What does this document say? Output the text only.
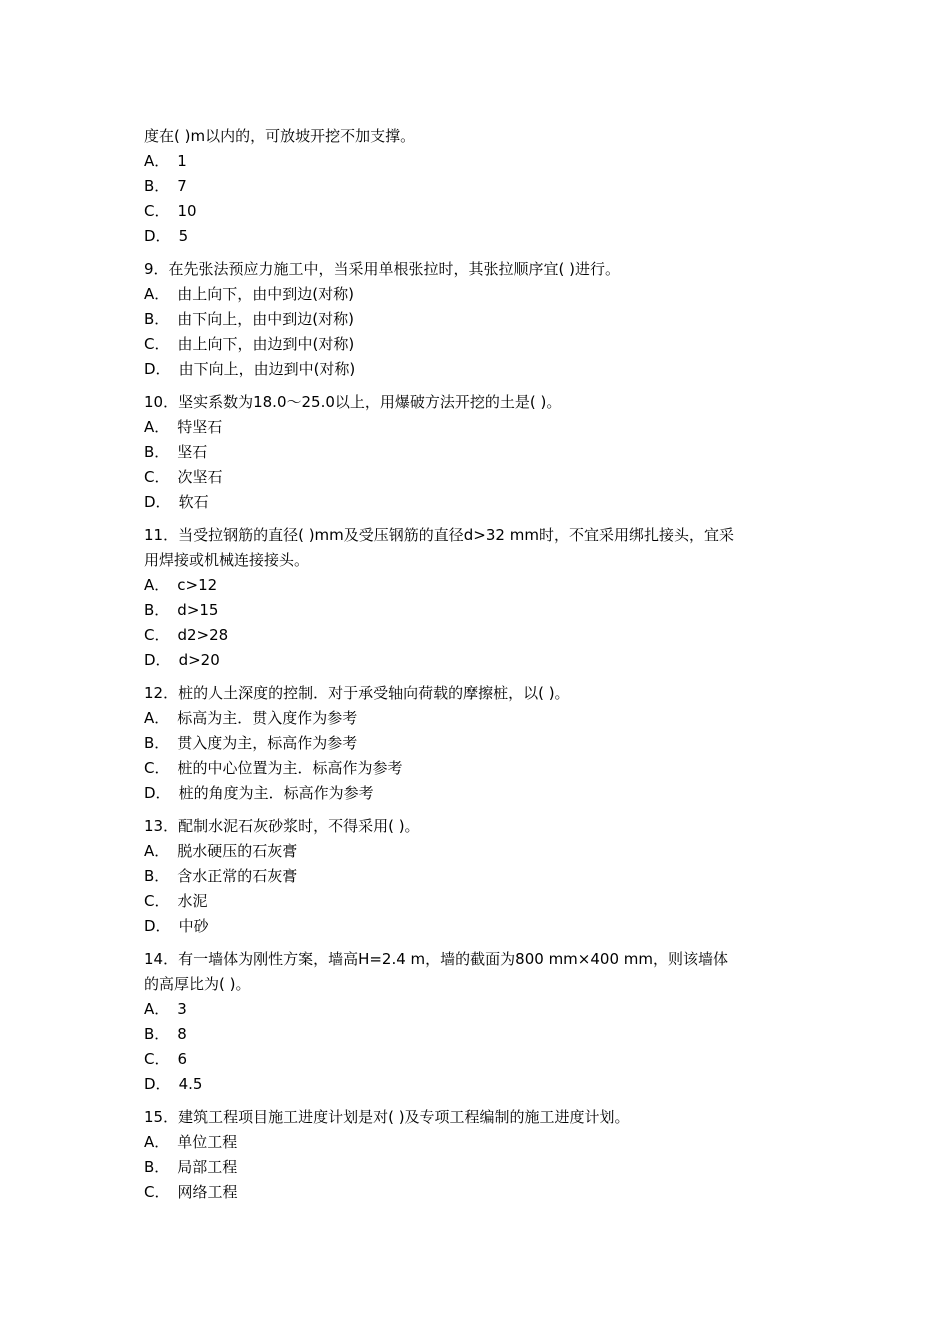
度在( )m以内的，可放坡开挖不加支撑。
A． 1
B． 7
C． 10
D． 5
9．在先张法预应力施工中，当采用单根张拉时，其张拉顺序宜( )进行。
A． 由上向下，由中到边(对称)
B． 由下向上，由中到边(对称)
C． 由上向下，由边到中(对称)
D． 由下向上，由边到中(对称)
10．坚实系数为18.0～25.0以上，用爆破方法开挖的土是( )。
A． 特坚石
B． 坚石
C． 次坚石
D． 软石
11．当受拉钢筋的直径( )mm及受压钢筋的直径d>32 mm时，不宜采用绑扎接头，宜采
用焊接或机械连接接头。
A． c>12
B． d>15
C． d2>28
D． d>20
12．桩的人土深度的控制．对于承受轴向荷载的摩擦桩，以( )。
A． 标高为主．贯入度作为参考
B． 贯入度为主，标高作为参考
C． 桩的中心位置为主．标高作为参考
D． 桩的角度为主．标高作为参考
13．配制水泥石灰砂浆时，不得采用( )。
A． 脱水硬压的石灰膏
B． 含水正常的石灰膏
C． 水泥
D． 中砂
14．有一墙体为刚性方案，墙高H=2.4 m，墙的截面为800 mm×400 mm，则该墙体
的高厚比为( )。
A． 3
B． 8
C． 6
D． 4.5
15．建筑工程项目施工进度计划是对( )及专项工程编制的施工进度计划。
A． 单位工程
B． 局部工程
C． 网络工程
